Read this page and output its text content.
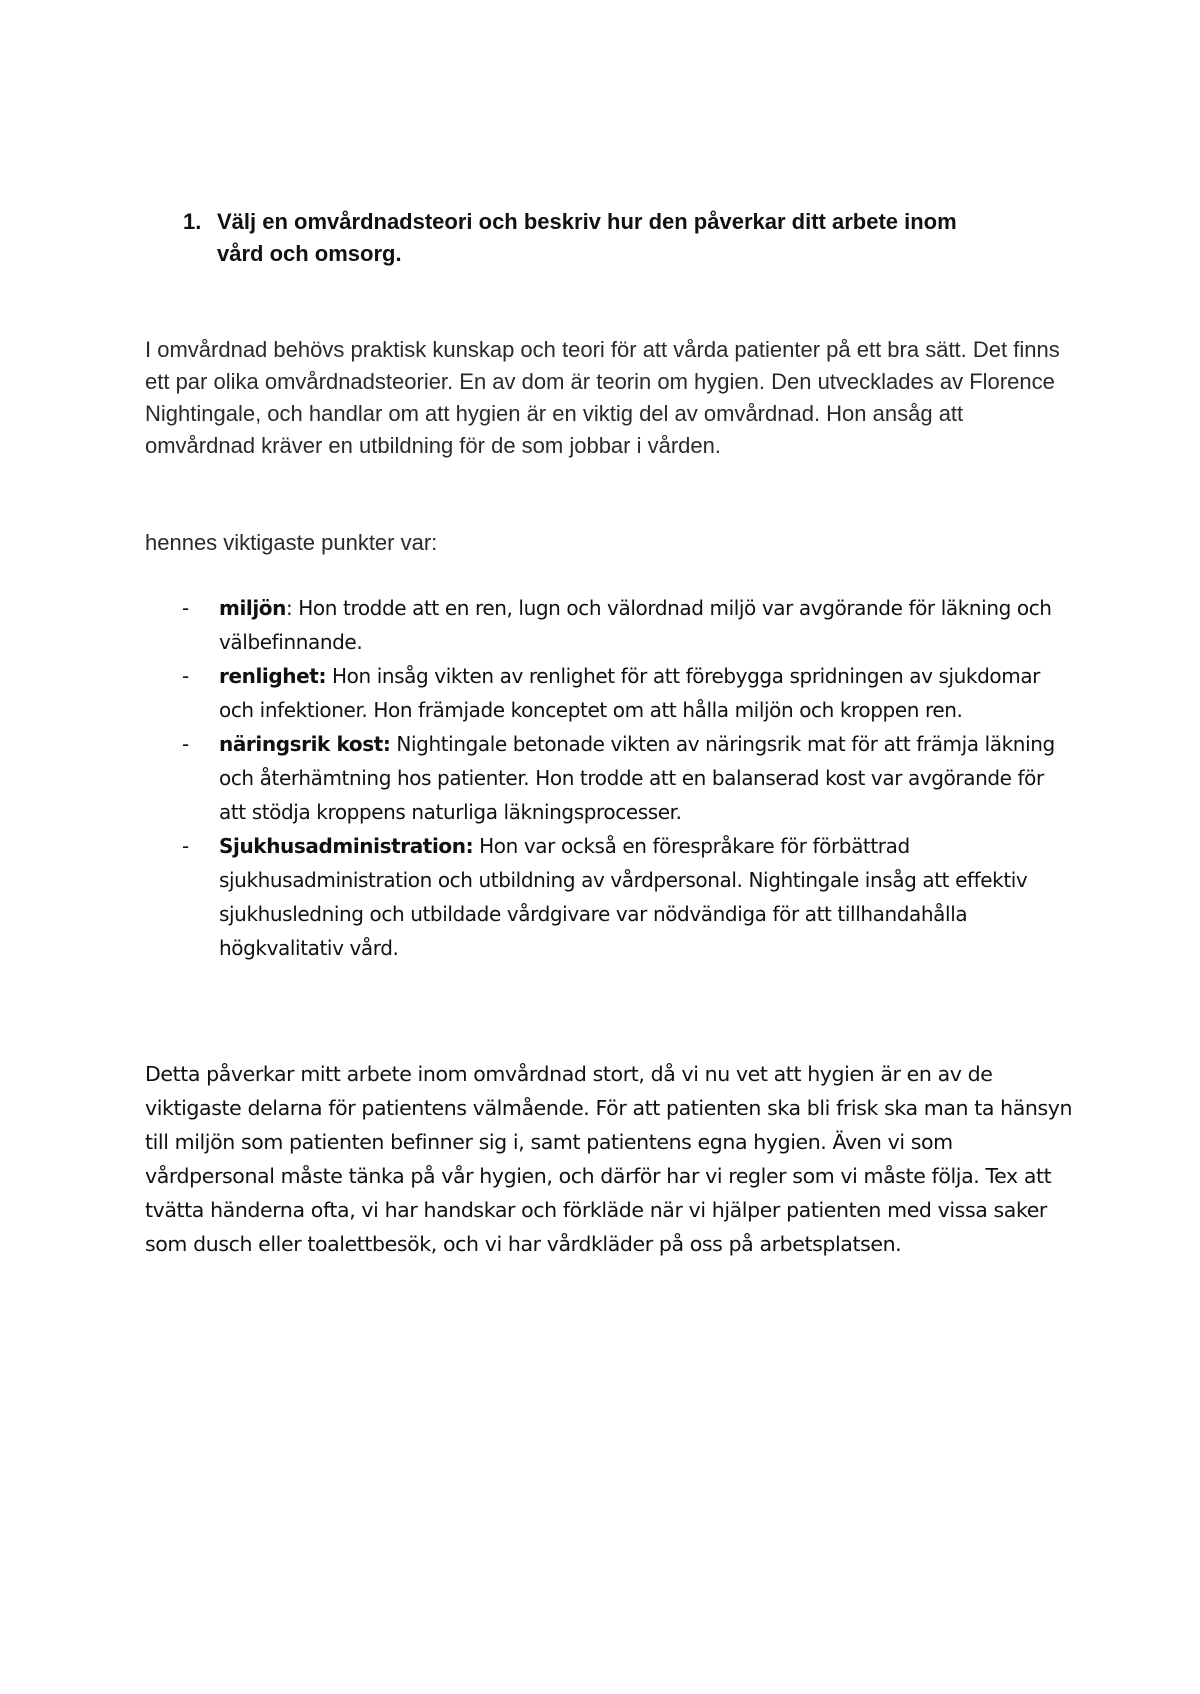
1. Välj en omvårdnadsteori och beskriv hur den påverkar ditt arbete inom vård och omsorg.

I omvårdnad behövs praktisk kunskap och teori för att vårda patienter på ett bra sätt. Det finns ett par olika omvårdnadsteorier. En av dom är teorin om hygien. Den utvecklades av Florence Nightingale, och handlar om att hygien är en viktig del av omvårdnad. Hon ansåg att omvårdnad kräver en utbildning för de som jobbar i vården.

hennes viktigaste punkter var:

- miljön: Hon trodde att en ren, lugn och välordnad miljö var avgörande för läkning och välbefinnande.
- renlighet: Hon insåg vikten av renlighet för att förebygga spridningen av sjukdomar och infektioner. Hon främjade konceptet om att hålla miljön och kroppen ren.
- näringsrik kost: Nightingale betonade vikten av näringsrik mat för att främja läkning och återhämtning hos patienter. Hon trodde att en balanserad kost var avgörande för att stödja kroppens naturliga läkningsprocesser.
- Sjukhusadministration: Hon var också en förespråkare för förbättrad sjukhusadministration och utbildning av vårdpersonal. Nightingale insåg att effektiv sjukhusledning och utbildade vårdgivare var nödvändiga för att tillhandahålla högkvalitativ vård.

Detta påverkar mitt arbete inom omvårdnad stort, då vi nu vet att hygien är en av de viktigaste delarna för patientens välmående. För att patienten ska bli frisk ska man ta hänsyn till miljön som patienten befinner sig i, samt patientens egna hygien. Även vi som vårdpersonal måste tänka på vår hygien, och därför har vi regler som vi måste följa. Tex att tvätta händerna ofta, vi har handskar och förkläde när vi hjälper patienten med vissa saker som dusch eller toalettbesök, och vi har vårdkläder på oss på arbetsplatsen.
